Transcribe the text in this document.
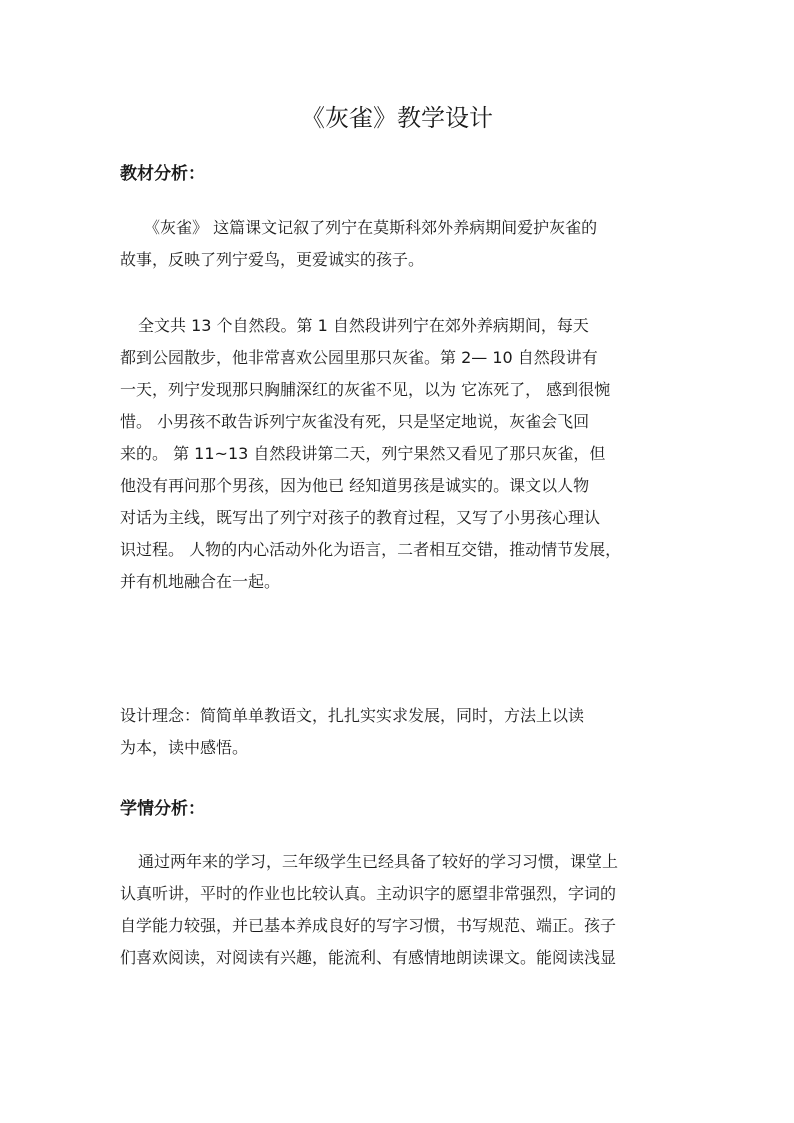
《灰雀》教学设计
教材分析：
《灰雀》 这篇课文记叙了列宁在莫斯科郊外养病期间爱护灰雀的
故事，反映了列宁爱鸟，更爱诚实的孩子。
全文共 13 个自然段。第 1 自然段讲列宁在郊外养病期间，每天
都到公园散步，他非常喜欢公园里那只灰雀。第 2— 10 自然段讲有
一天，列宁发现那只胸脯深红的灰雀不见，以为 它冻死了， 感到很惋
惜。 小男孩不敢告诉列宁灰雀没有死，只是坚定地说，灰雀会飞回
来的。 第 11~13 自然段讲第二天，列宁果然又看见了那只灰雀，但
他没有再问那个男孩，因为他已 经知道男孩是诚实的。课文以人物
对话为主线，既写出了列宁对孩子的教育过程，又写了小男孩心理认
识过程。 人物的内心活动外化为语言，二者相互交错，推动情节发展，
并有机地融合在一起。
设计理念：简简单单教语文，扎扎实实求发展，同时，方法上以读
为本，读中感悟。
学情分析：
通过两年来的学习，三年级学生已经具备了较好的学习习惯，课堂上
认真听讲，平时的作业也比较认真。主动识字的愿望非常强烈，字词的
自学能力较强，并已基本养成良好的写字习惯，书写规范、端正。孩子
们喜欢阅读，对阅读有兴趣，能流利、有感情地朗读课文。能阅读浅显
